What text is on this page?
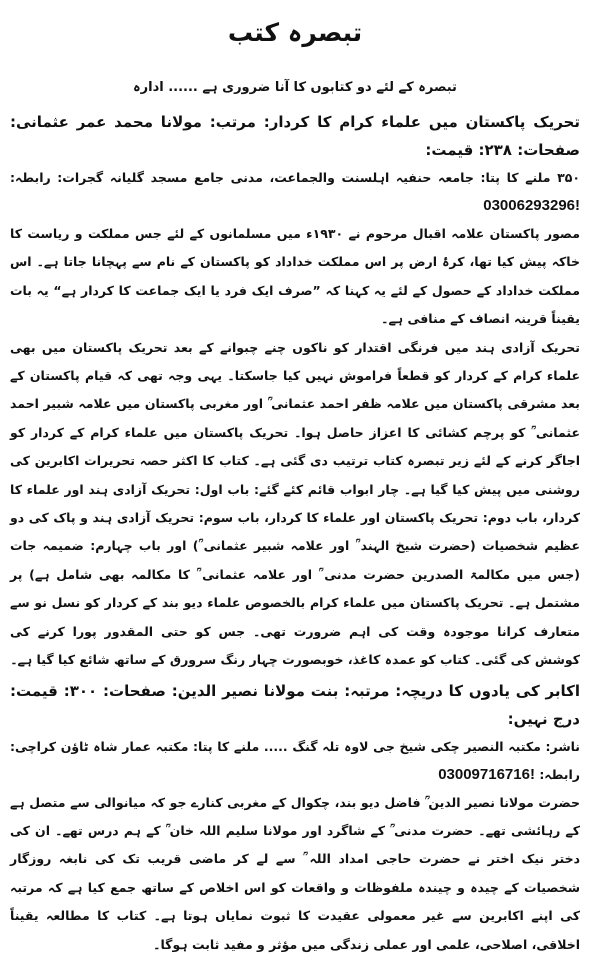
تبصرہ کتب
تبصرہ کے لئے دو کتابوں کا آنا ضروری ہے ...... ادارہ
تحریک پاکستان میں علماء کرام کا کردار: مرتب: مولانا محمد عمر عثمانی: صفحات: ۲۳۸: قیمت:
۳۵۰ ملنے کا پتا: جامعہ حنفیہ اہلسنت والجماعت، مدنی جامع مسجد گلیانہ گجرات: رابطہ: 03006293296!

مصور پاکستان علامہ اقبال مرحوم نے ۱۹۳۰ء میں مسلمانوں کے لئے جس مملکت و ریاست کا خاکہ پیش کیا تھا، کرۂ ارض پر اس مملکت خداداد کو پاکستان کے نام سے پہچانا جاتا ہے۔ اس مملکت خداداد کے حصول کے لئے یہ کہنا کہ ”صرف ایک فرد یا ایک جماعت کا کردار ہے“ یہ بات یقیناً قرینہ انصاف کے منافی ہے۔

تحریک آزادی ہند میں فرنگی اقتدار کو ناکوں چنے چبوانے کے بعد تحریک پاکستان میں بھی علماء کرام کے کردار کو قطعاً فراموش نہیں کیا جاسکتا۔ یہی وجہ تھی کہ قیام پاکستان کے بعد مشرقی پاکستان میں علامہ ظفر احمد عثمانی ؒ اور مغربی پاکستان میں علامہ شبیر احمد عثمانی ؒ کو پرچم کشائی کا اعزاز حاصل ہوا۔ تحریک پاکستان میں علماء کرام کے کردار کو اجاگر کرنے کے لئے زیر تبصرہ کتاب ترتیب دی گئی ہے۔ کتاب کا اکثر حصہ تحریرات اکابرین کی روشنی میں پیش کیا گیا ہے۔ چار ابواب قائم کئے گئے: باب اول: تحریک آزادی ہند اور علماء کا کردار، باب دوم: تحریک پاکستان اور علماء کا کردار، باب سوم: تحریک آزادی ہند و پاک کی دو عظیم شخصیات (حضرت شیخ الہند ؒ اور علامہ شبیر عثمانی ؒ) اور باب چہارم: ضمیمہ جات (جس میں مکالمۃ الصدرین حضرت مدنی ؒ اور علامہ عثمانی ؒ کا مکالمہ بھی شامل ہے) پر مشتمل ہے۔ تحریک پاکستان میں علماء کرام بالخصوص علماء دیو بند کے کردار کو نسل نو سے متعارف کرانا موجودہ وقت کی اہم ضرورت تھی۔ جس کو حتی المقدور پورا کرنے کی کوشش کی گئی۔ کتاب کو عمدہ کاغذ، خوبصورت چہار رنگ سرورق کے ساتھ شائع کیا گیا ہے۔

اکابر کی یادوں کا دریچہ: مرتبہ: بنت مولانا نصیر الدین: صفحات: ۳۰۰: قیمت: درج نہیں:
ناشر: مکتبہ النصیر چکی شیخ جی لاوہ تلہ گنگ ..... ملنے کا پتا: مکتبہ عمار شاہ ٹاؤن کراچی: رابطہ: 03009716716!

حضرت مولانا نصیر الدین ؒ فاضل دیو بند، چکوال کے مغربی کنارے جو کہ میانوالی سے متصل ہے کے رہائشی تھے۔ حضرت مدنی ؒ کے شاگرد اور مولانا سلیم اللہ خان ؒ کے ہم درس تھے۔ ان کی دختر نیک اختر نے حضرت حاجی امداد اللہ ؒ سے لے کر ماضی قریب تک کی نابغہ روزگار شخصیات کے چیدہ و چیندہ ملفوظات و واقعات کو اس اخلاص کے ساتھ جمع کیا ہے کہ مرتبہ کی اپنے اکابرین سے غیر معمولی عقیدت کا ثبوت نمایاں ہوتا ہے۔ کتاب کا مطالعہ یقیناً اخلاقی، اصلاحی، علمی اور عملی زندگی میں مؤثر و مفید ثابت ہوگا۔
